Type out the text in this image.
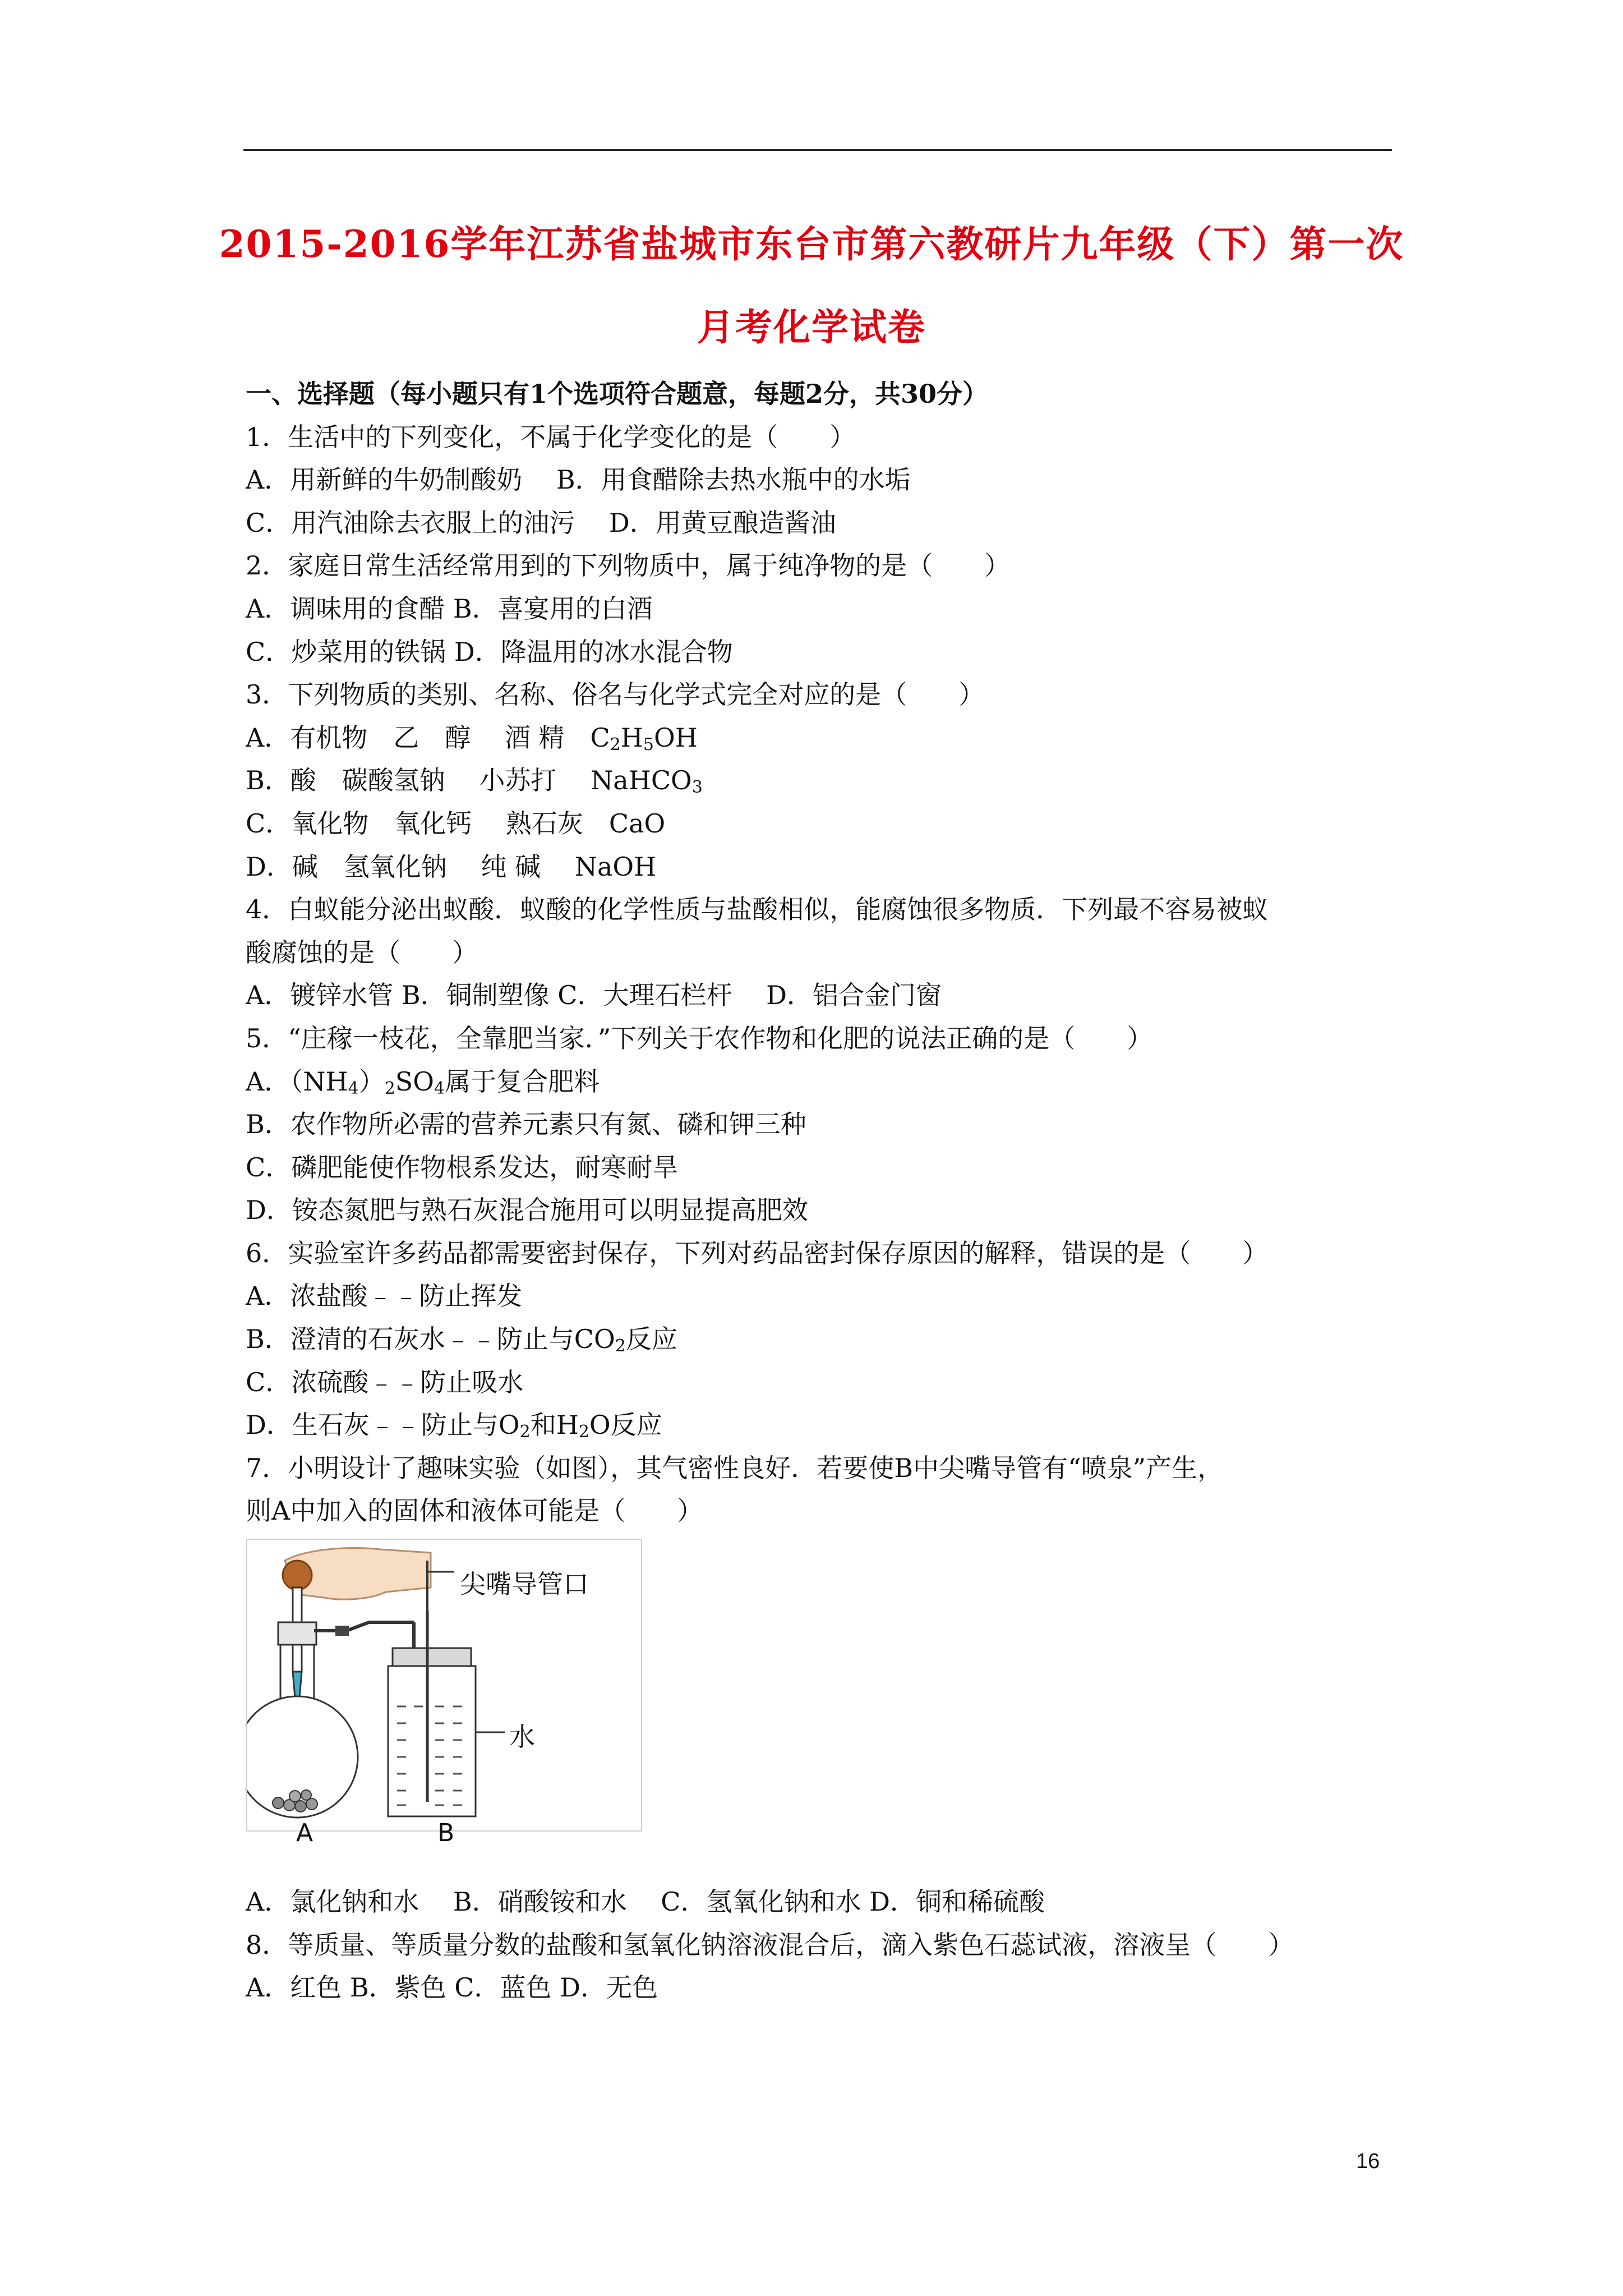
2015-2016学年江苏省盐城市东台市第六教研片九年级（下）第一次
月考化学试卷
一、选择题（每小题只有1个选项符合题意，每题2分，共30分）
1．生活中的下列变化，不属于化学变化的是（　　）
A．用新鲜的牛奶制酸奶　 B．用食醋除去热水瓶中的水垢
C．用汽油除去衣服上的油污　 D．用黄豆酿造酱油
2．家庭日常生活经常用到的下列物质中，属于纯净物的是（　　）
A．调味用的食醋 B．喜宴用的白酒
C．炒菜用的铁锅 D．降温用的冰水混合物
3．下列物质的类别、名称、俗名与化学式完全对应的是（　　）
A．有机物　乙　醇　 酒 精　$C_2H_5OH$
B．酸　碳酸氢钠　 小苏打　 NaHCO$_3$
C．氧化物　氧化钙　 熟石灰　CaO
D．碱　氢氧化钠　 纯 碱　 NaOH
4．白蚁能分泌出蚁酸．蚁酸的化学性质与盐酸相似，能腐蚀很多物质．下列最不容易被蚁
酸腐蚀的是（　　）
A．镀锌水管 B．铜制塑像 C．大理石栏杆　 D．铝合金门窗
5．“庄稼一枝花，全靠肥当家．”下列关于农作物和化肥的说法正确的是（　　）
A．$(NH_4)_2SO_4$属于复合肥料
B．农作物所必需的营养元素只有氮、磷和钾三种
C．磷肥能使作物根系发达，耐寒耐旱
D．铵态氮肥与熟石灰混合施用可以明显提高肥效
6．实验室许多药品都需要密封保存，下列对药品密封保存原因的解释，错误的是（　　）
A．浓盐酸﹣﹣防止挥发
B．澄清的石灰水﹣﹣防止与$CO_2$反应
C．浓硫酸﹣﹣防止吸水
D．生石灰﹣﹣防止与$O_2$和$H_2O$反应
7．小明设计了趣味实验（如图），其气密性良好．若要使B中尖嘴导管有“喷泉”产生，
则A中加入的固体和液体可能是（　　）
尖嘴导管口
水
A	B
A．氯化钠和水　 B．硝酸铵和水　 C．氢氧化钠和水 D．铜和稀硫酸
8．等质量、等质量分数的盐酸和氢氧化钠溶液混合后，滴入紫色石蕊试液，溶液呈（　　）
A．红色 B．紫色 C．蓝色 D．无色
16
